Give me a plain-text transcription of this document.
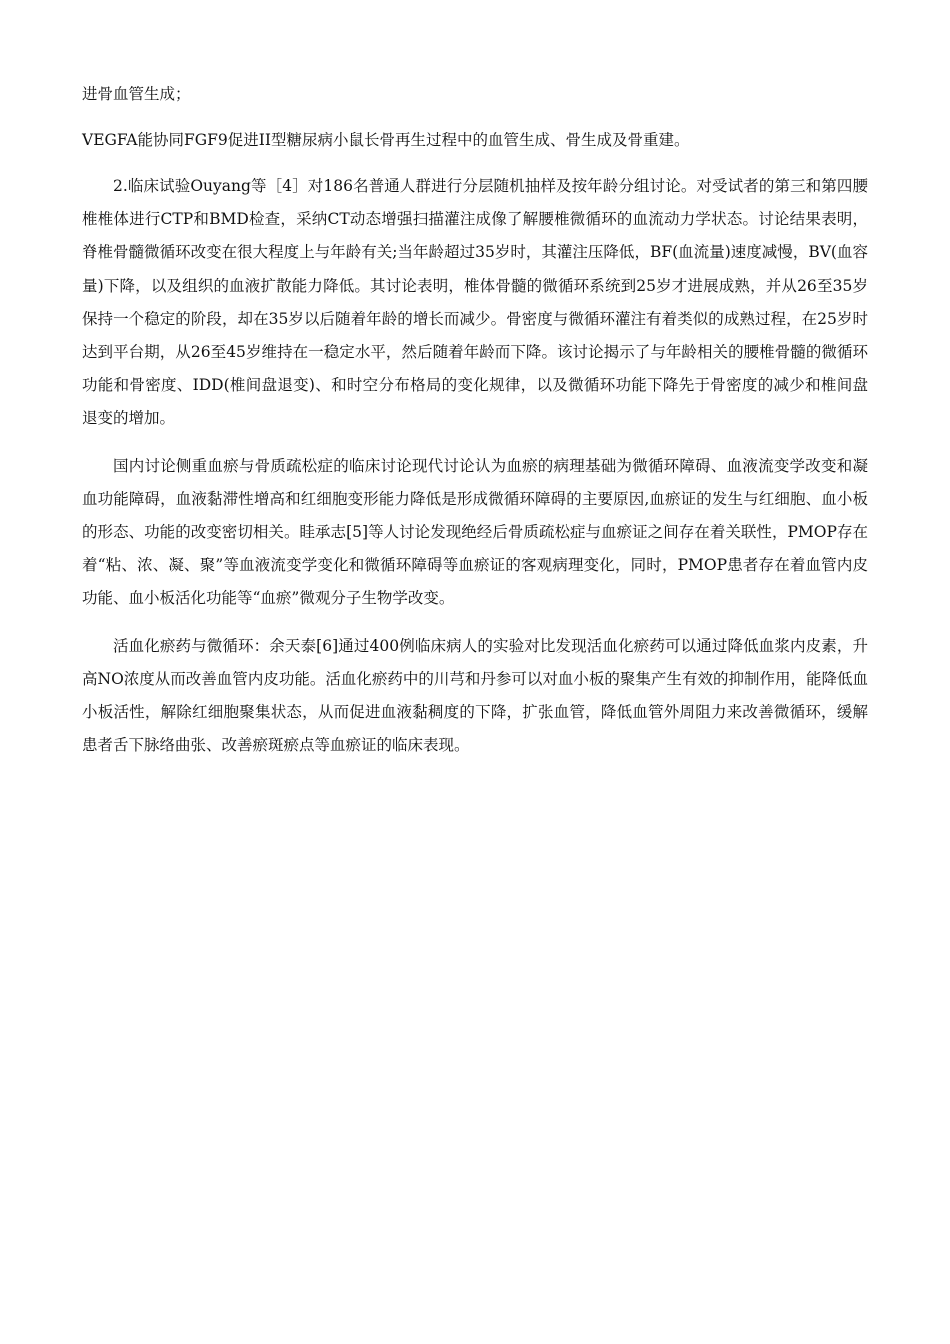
进骨血管生成；

VEGFA能协同FGF9促进II型糖尿病小鼠长骨再生过程中的血管生成、骨生成及骨重建。

2.临床试验Ouyang等［4］对186名普通人群进行分层随机抽样及按年龄分组讨论。对受试者的第三和第四腰椎椎体进行CTP和BMD检查，采纳CT动态增强扫描灌注成像了解腰椎微循环的血流动力学状态。讨论结果表明，脊椎骨髓微循环改变在很大程度上与年龄有关;当年龄超过35岁时，其灌注压降低，BF(血流量)速度减慢，BV(血容量)下降，以及组织的血液扩散能力降低。其讨论表明，椎体骨髓的微循环系统到25岁才进展成熟，并从26至35岁保持一个稳定的阶段，却在35岁以后随着年龄的增长而减少。骨密度与微循环灌注有着类似的成熟过程，在25岁时达到平台期，从26至45岁维持在一稳定水平，然后随着年龄而下降。该讨论揭示了与年龄相关的腰椎骨髓的微循环功能和骨密度、IDD(椎间盘退变)、和时空分布格局的变化规律，以及微循环功能下降先于骨密度的减少和椎间盘退变的增加。

国内讨论侧重血瘀与骨质疏松症的临床讨论现代讨论认为血瘀的病理基础为微循环障碍、血液流变学改变和凝血功能障碍，血液黏滞性增高和红细胞变形能力降低是形成微循环障碍的主要原因,血瘀证的发生与红细胞、血小板的形态、功能的改变密切相关。眭承志[5]等人讨论发现绝经后骨质疏松症与血瘀证之间存在着关联性，PMOP存在着“粘、浓、凝、聚”等血液流变学变化和微循环障碍等血瘀证的客观病理变化，同时，PMOP患者存在着血管内皮功能、血小板活化功能等“血瘀”微观分子生物学改变。

活血化瘀药与微循环：余天泰[6]通过400例临床病人的实验对比发现活血化瘀药可以通过降低血浆内皮素，升高NO浓度从而改善血管内皮功能。活血化瘀药中的川芎和丹参可以对血小板的聚集产生有效的抑制作用，能降低血小板活性，解除红细胞聚集状态，从而促进血液黏稠度的下降，扩张血管，降低血管外周阻力来改善微循环，缓解患者舌下脉络曲张、改善瘀斑瘀点等血瘀证的临床表现。
